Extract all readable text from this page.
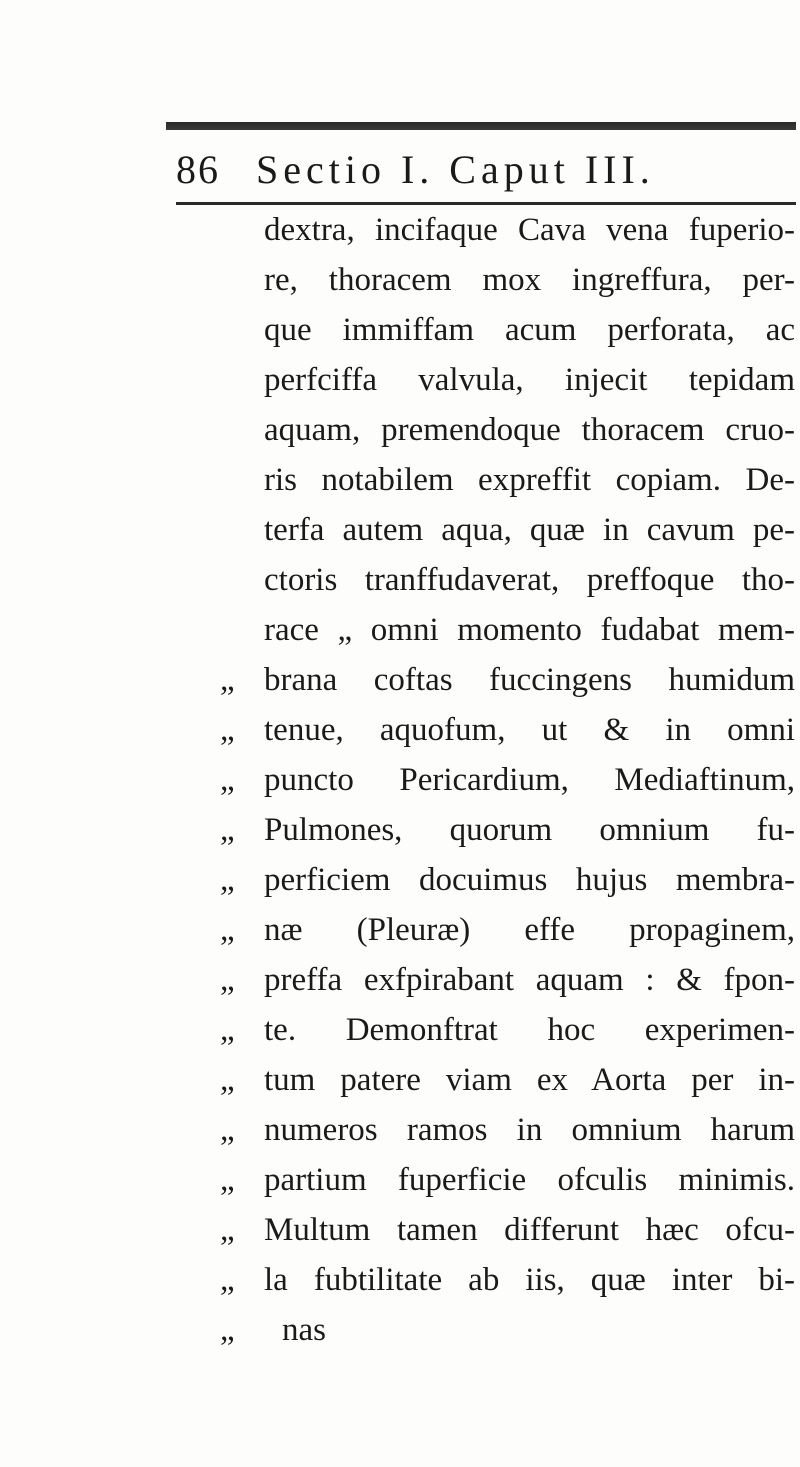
86 Sectio I. Caput III.
dextra, incifaque Cava vena fuperio-
re, thoracem mox ingreffura, per-
que immiffam acum perforata, ac
perfciffa valvula, injecit tepidam
aquam, premendoque thoracem cruo-
ris notabilem expreffit copiam. De-
terfa autem aqua, quæ in cavum pe-
ctoris tranffudaverat, preffoque tho-
race „ omni momento fudabat mem-
„ brana coftas fuccingens humidum
„ tenue, aquofum, ut & in omni
„ puncto Pericardium, Mediaftinum,
„ Pulmones, quorum omnium fu-
„ perficiem docuimus hujus membra-
„ næ (Pleuræ) effe propaginem,
„ preffa exfpirabant aquam : & fpon-
„ te. Demonftrat hoc experimen-
„ tum patere viam ex Aorta per in-
„ numeros ramos in omnium harum
„ partium fuperficie ofculis minimis.
„ Multum tamen differunt hæc ofcu-
„ la fubtilitate ab iis, quæ inter bi-
„	nas
